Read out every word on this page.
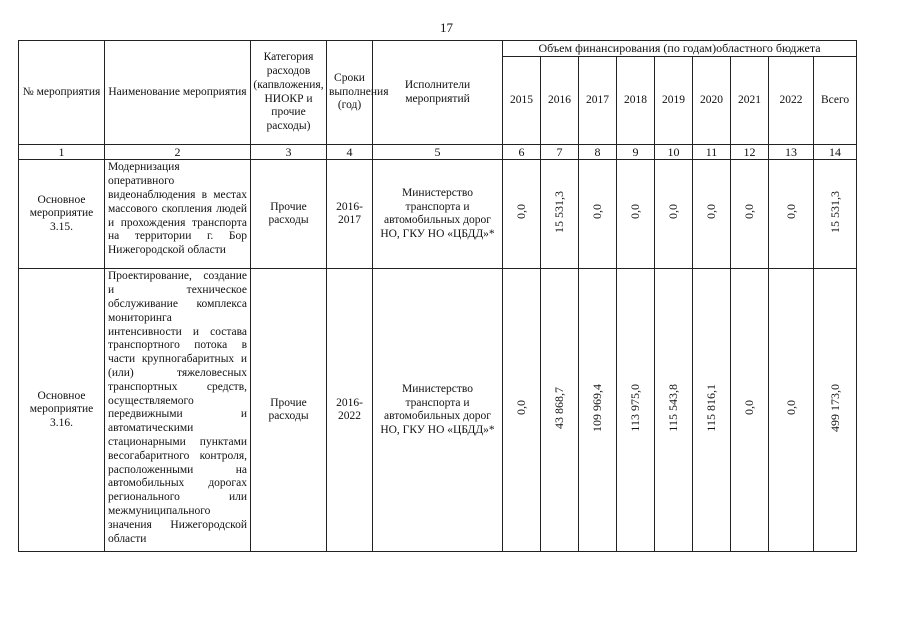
17
№ мероприятия	Наименование мероприятия	Категория расходов (капвложения, НИОКР и прочие расходы)	Сроки выполнения (год)	Исполнители мероприятий	Объем финансирования (по годам)областного бюджета								
					2015	2016	2017	2018	2019	2020	2021	2022	Всего
1	2	3	4	5	6	7	8	9	10	11	12	13	14
Основное мероприятие 3.15.	Модернизация оперативного видеонаблюдения в местах массового скопления людей и прохождения транспорта на территории г. Бор Нижегородской области	Прочие расходы	2016-2017	Министерство транспорта и автомобильных дорог НО, ГКУ НО «ЦБДД»*	0,0	15 531,3	0,0	0,0	0,0	0,0	0,0	0,0	15 531,3
Основное мероприятие 3.16.	Проектирование, создание и техническое обслуживание комплекса мониторинга интенсивности и состава транспортного потока в части крупногабаритных и (или) тяжеловесных транспортных средств, осуществляемого передвижными и автоматическими стационарными пунктами весогабаритного контроля, расположенными на автомобильных дорогах регионального или межмуниципального значения Нижегородской области	Прочие расходы	2016-2022	Министерство транспорта и автомобильных дорог НО, ГКУ НО «ЦБДД»*	0,0	43 868,7	109 969,4	113 975,0	115 543,8	115 816,1	0,0	0,0	499 173,0
